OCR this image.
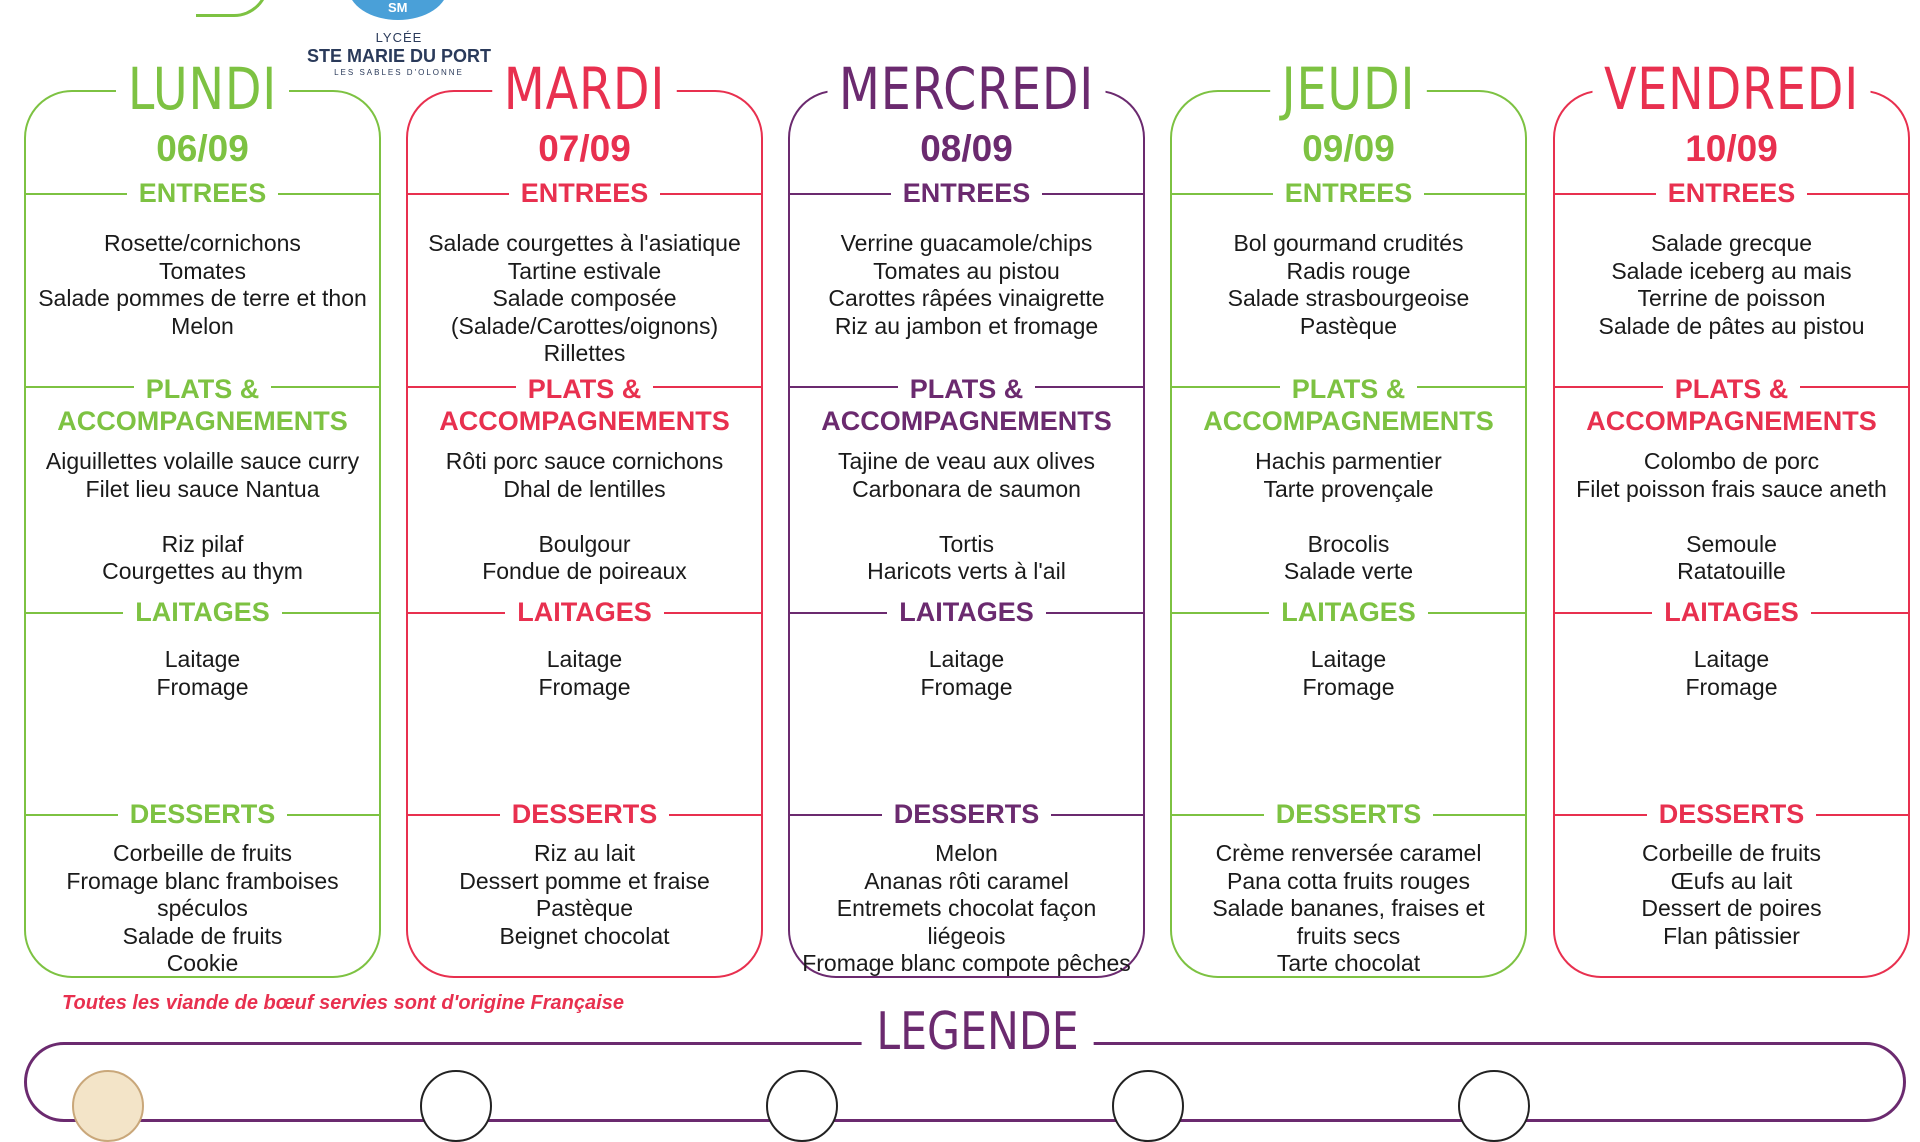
SM
LYCÉE
STE MARIE DU PORT
LES SABLES D'OLONNE
LUNDI
06/09
ENTREES
Rosette/cornichons
Tomates
Salade pommes de terre et thon
Melon
PLATS &
ACCOMPAGNEMENTS
Aiguillettes volaille sauce curry
Filet lieu sauce Nantua
Riz pilaf
Courgettes au thym
LAITAGES
Laitage
Fromage
DESSERTS
Corbeille de fruits
Fromage blanc framboises
spéculos
Salade de fruits
Cookie
MARDI
07/09
ENTREES
Salade courgettes à l'asiatique
Tartine estivale
Salade composée
(Salade/Carottes/oignons)
Rillettes
PLATS &
ACCOMPAGNEMENTS
Rôti porc sauce cornichons
Dhal de lentilles
Boulgour
Fondue de poireaux
LAITAGES
Laitage
Fromage
DESSERTS
Riz au lait
Dessert pomme et fraise
Pastèque
Beignet chocolat
MERCREDI
08/09
ENTREES
Verrine guacamole/chips
Tomates au pistou
Carottes râpées vinaigrette
Riz au jambon et fromage
PLATS &
ACCOMPAGNEMENTS
Tajine de veau aux olives
Carbonara de saumon
Tortis
Haricots verts à l'ail
LAITAGES
Laitage
Fromage
DESSERTS
Melon
Ananas rôti caramel
Entremets chocolat façon
liégeois
Fromage blanc compote pêches
JEUDI
09/09
ENTREES
Bol gourmand crudités
Radis rouge
Salade strasbourgeoise
Pastèque
PLATS &
ACCOMPAGNEMENTS
Hachis parmentier
Tarte provençale
Brocolis
Salade verte
LAITAGES
Laitage
Fromage
DESSERTS
Crème renversée caramel
Pana cotta fruits rouges
Salade bananes, fraises et
fruits secs
Tarte chocolat
VENDREDI
10/09
ENTREES
Salade grecque
Salade iceberg au mais
Terrine de poisson
Salade de pâtes au pistou
PLATS &
ACCOMPAGNEMENTS
Colombo de porc
Filet poisson frais sauce aneth
Semoule
Ratatouille
LAITAGES
Laitage
Fromage
DESSERTS
Corbeille de fruits
Œufs au lait
Dessert de poires
Flan pâtissier
Toutes les viande de bœuf servies sont d'origine Française	LEGENDE
